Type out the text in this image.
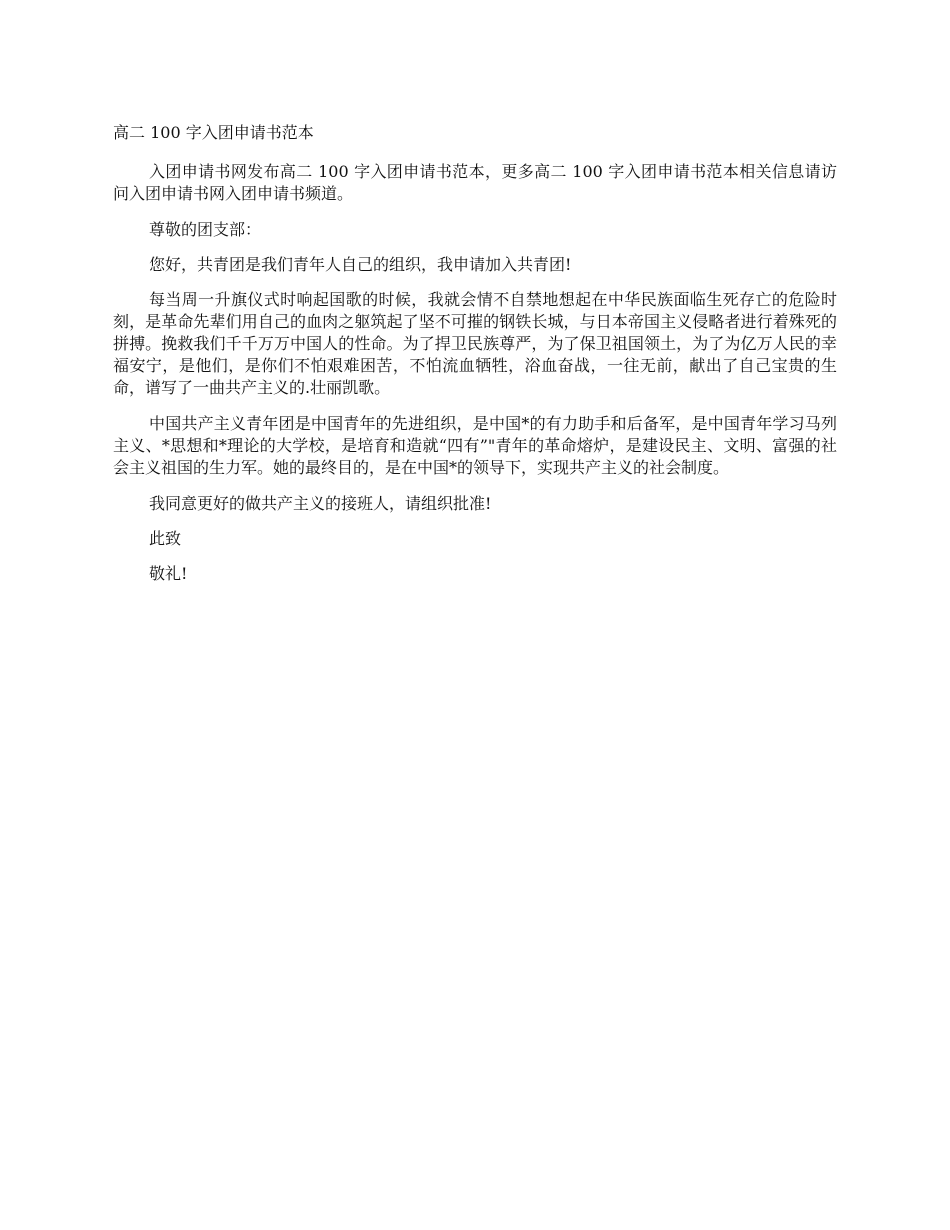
高二 100 字入团申请书范本

入团申请书网发布高二 100 字入团申请书范本，更多高二 100 字入团申请书范本相关信息请访问入团申请书网入团申请书频道。

尊敬的团支部：

您好，共青团是我们青年人自己的组织，我申请加入共青团!

每当周一升旗仪式时响起国歌的时候，我就会情不自禁地想起在中华民族面临生死存亡的危险时刻，是革命先辈们用自己的血肉之躯筑起了坚不可摧的钢铁长城，与日本帝国主义侵略者进行着殊死的拼搏。挽救我们千千万万中国人的性命。为了捍卫民族尊严，为了保卫祖国领土，为了为亿万人民的幸福安宁，是他们，是你们不怕艰难困苦，不怕流血牺牲，浴血奋战，一往无前，献出了自己宝贵的生命，谱写了一曲共产主义的.壮丽凯歌。

中国共产主义青年团是中国青年的先进组织，是中国*的有力助手和后备军，是中国青年学习马列主义、*思想和*理论的大学校，是培育和造就“四有”"青年的革命熔炉，是建设民主、文明、富强的社会主义祖国的生力军。她的最终目的，是在中国*的领导下，实现共产主义的社会制度。

我同意更好的做共产主义的接班人，请组织批准!

此致

敬礼!
